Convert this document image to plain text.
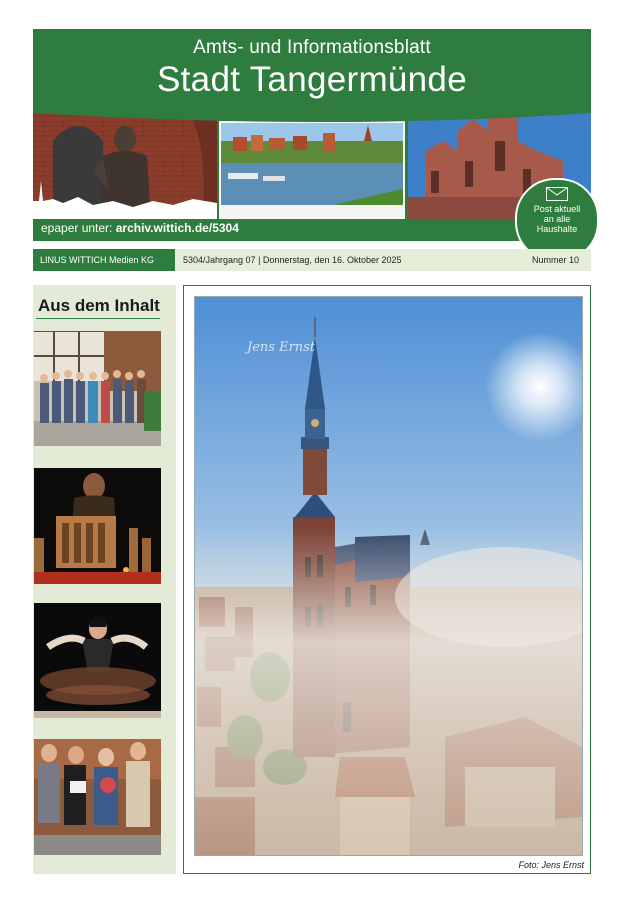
Amts- und Informationsblatt
Stadt Tangermünde
epaper unter: archiv.wittich.de/5304
Post aktuell
an alle
Haushalte
LINUS WITTICH Medien KG	5304/Jahrgang 07 | Donnerstag, den 16. Oktober 2025	Nummer 10
Aus dem Inhalt
Jens Ernst
Foto: Jens Ernst
